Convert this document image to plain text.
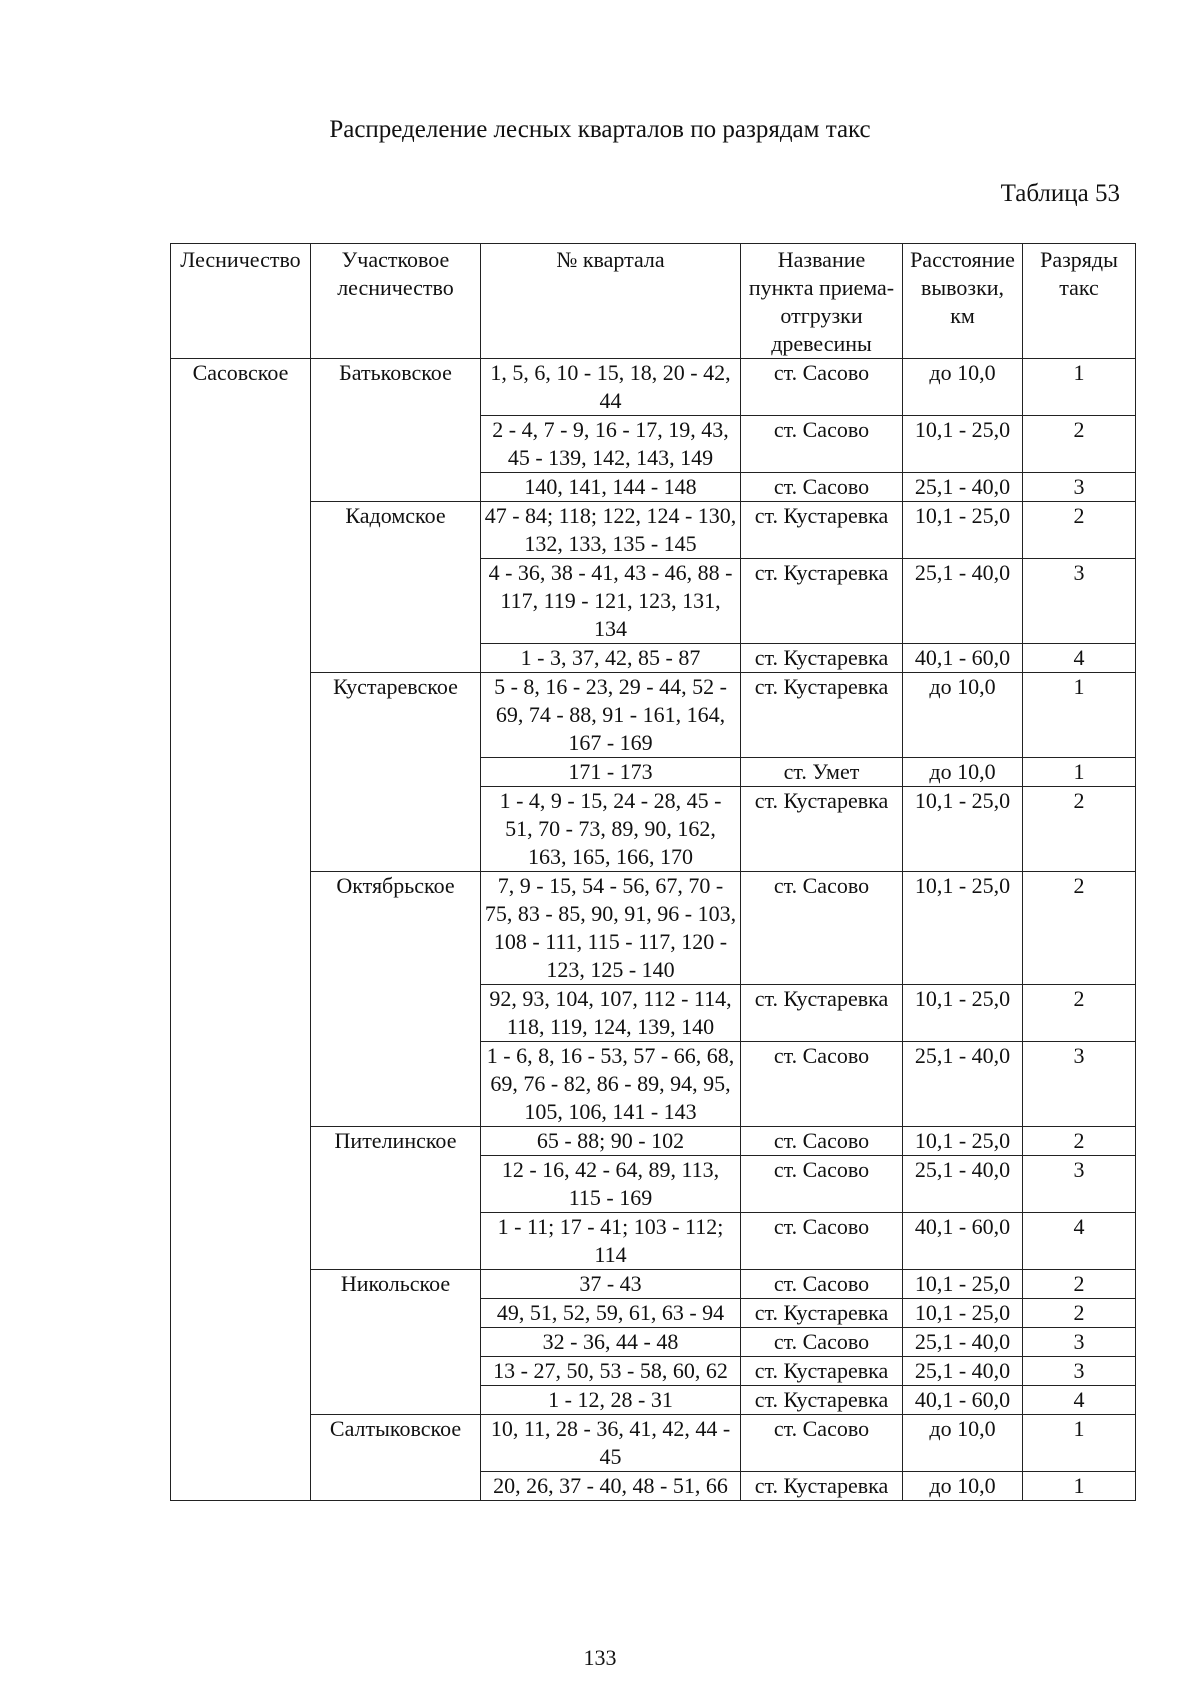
Распределение лесных кварталов по разрядам такс
Таблица 53
Лесничество	Участковое лесничество	№ квартала	Название пункта приема-отгрузки древесины	Расстояние вывозки, км	Разряды такс
Сасовское	Батьковское	1, 5, 6, 10 - 15, 18, 20 - 42, 44	ст. Сасово	до 10,0	1
		2 - 4, 7 - 9, 16 - 17, 19, 43, 45 - 139, 142, 143, 149	ст. Сасово	10,1 - 25,0	2
		140, 141, 144 - 148	ст. Сасово	25,1 - 40,0	3
	Кадомское	47 - 84; 118; 122, 124 - 130, 132, 133, 135 - 145	ст. Кустаревка	10,1 - 25,0	2
		4 - 36, 38 - 41, 43 - 46, 88 - 117, 119 - 121, 123, 131, 134	ст. Кустаревка	25,1 - 40,0	3
		1 - 3, 37, 42, 85 - 87	ст. Кустаревка	40,1 - 60,0	4
	Кустаревское	5 - 8, 16 - 23, 29 - 44, 52 - 69, 74 - 88, 91 - 161, 164, 167 - 169	ст. Кустаревка	до 10,0	1
		171 - 173	ст. Умет	до 10,0	1
		1 - 4, 9 - 15, 24 - 28, 45 - 51, 70 - 73, 89, 90, 162, 163, 165, 166, 170	ст. Кустаревка	10,1 - 25,0	2
	Октябрьское	7, 9 - 15, 54 - 56, 67, 70 - 75, 83 - 85, 90, 91, 96 - 103, 108 - 111, 115 - 117, 120 - 123, 125 - 140	ст. Сасово	10,1 - 25,0	2
		92, 93, 104, 107, 112 - 114, 118, 119, 124, 139, 140	ст. Кустаревка	10,1 - 25,0	2
		1 - 6, 8, 16 - 53, 57 - 66, 68, 69, 76 - 82, 86 - 89, 94, 95, 105, 106, 141 - 143	ст. Сасово	25,1 - 40,0	3
	Пителинское	65 - 88; 90 - 102	ст. Сасово	10,1 - 25,0	2
		12 - 16, 42 - 64, 89, 113, 115 - 169	ст. Сасово	25,1 - 40,0	3
		1 - 11; 17 - 41; 103 - 112; 114	ст. Сасово	40,1 - 60,0	4
	Никольское	37 - 43	ст. Сасово	10,1 - 25,0	2
		49, 51, 52, 59, 61, 63 - 94	ст. Кустаревка	10,1 - 25,0	2
		32 - 36, 44 - 48	ст. Сасово	25,1 - 40,0	3
		13 - 27, 50, 53 - 58, 60, 62	ст. Кустаревка	25,1 - 40,0	3
		1 - 12, 28 - 31	ст. Кустаревка	40,1 - 60,0	4
	Салтыковское	10, 11, 28 - 36, 41, 42, 44 - 45	ст. Сасово	до 10,0	1
		20, 26, 37 - 40, 48 - 51, 66	ст. Кустаревка	до 10,0	1
133
